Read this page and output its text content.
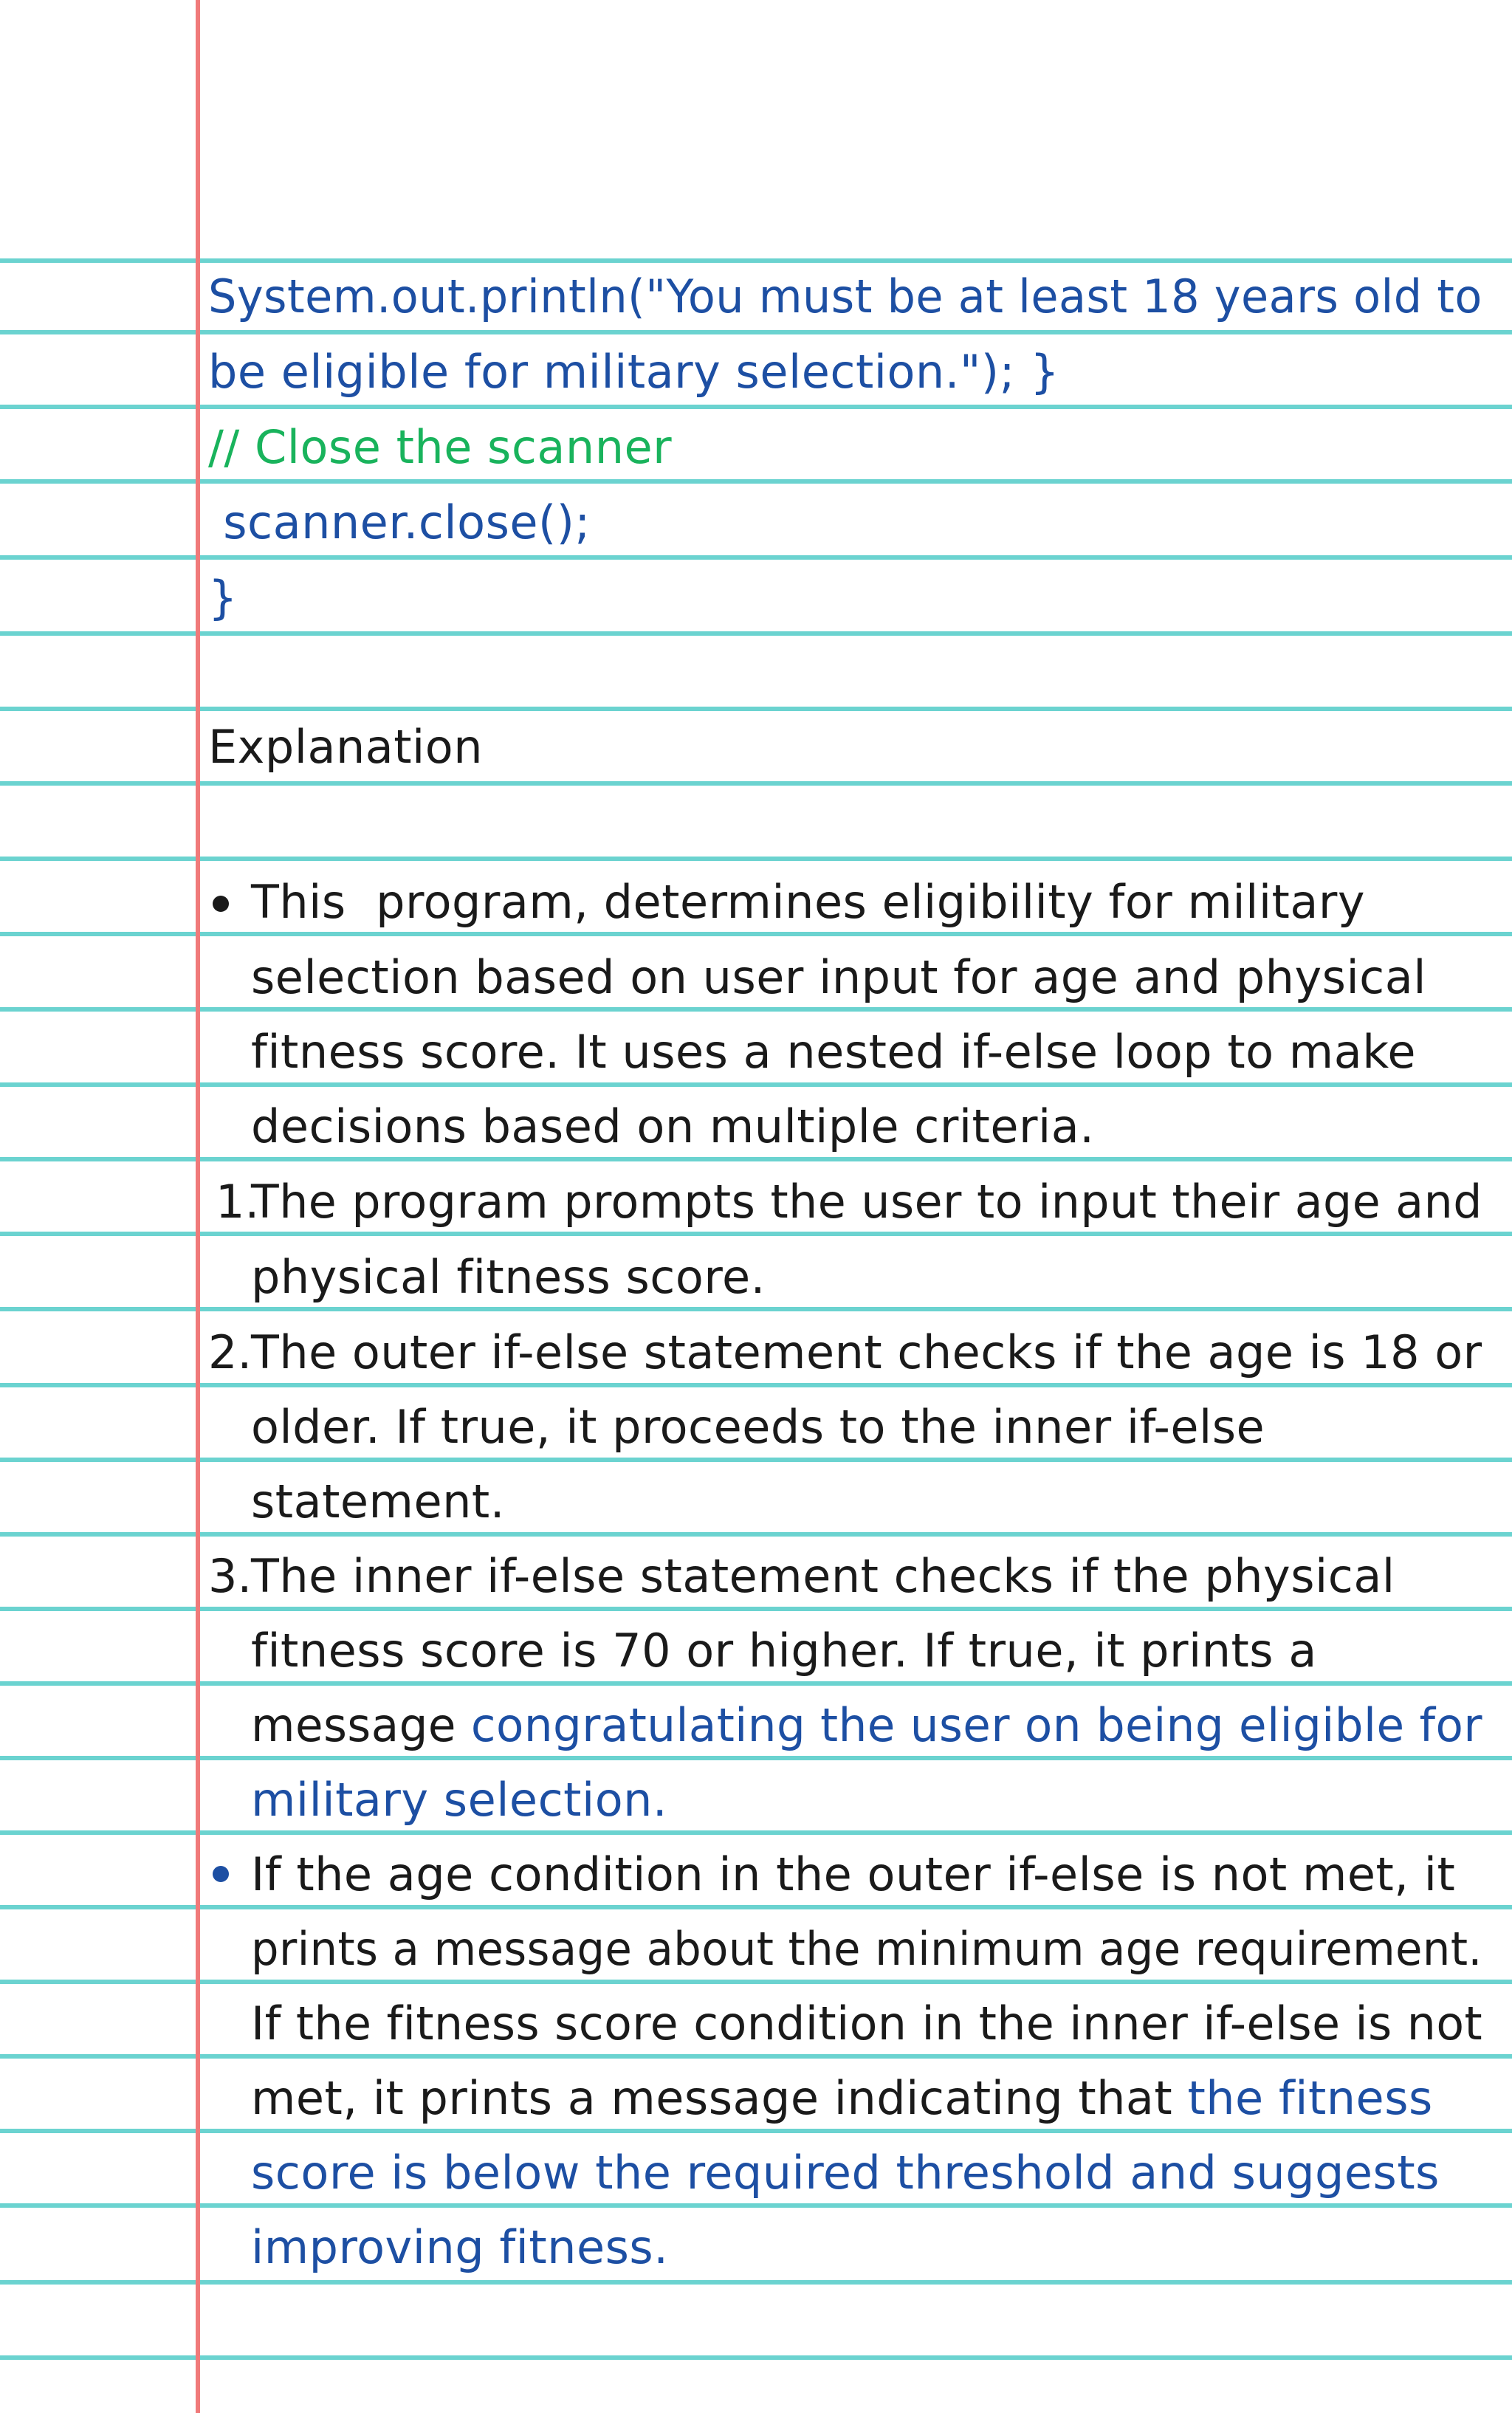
System.out.println("You must be at least 18 years old to
be eligible for military selection."); }
// Close the scanner
scanner.close();
}
Explanation
This  program, determines eligibility for military
selection based on user input for age and physical
fitness score. It uses a nested if-else loop to make
decisions based on multiple criteria.
1.
The program prompts the user to input their age and
physical fitness score.
2.
The outer if-else statement checks if the age is 18 or
older. If true, it proceeds to the inner if-else
statement.
3.
The inner if-else statement checks if the physical
fitness score is 70 or higher. If true, it prints a
message congratulating the user on being eligible for
military selection.
If the age condition in the outer if-else is not met, it
prints a message about the minimum age requirement.
If the fitness score condition in the inner if-else is not
met, it prints a message indicating that the fitness
score is below the required threshold and suggests
improving fitness.
